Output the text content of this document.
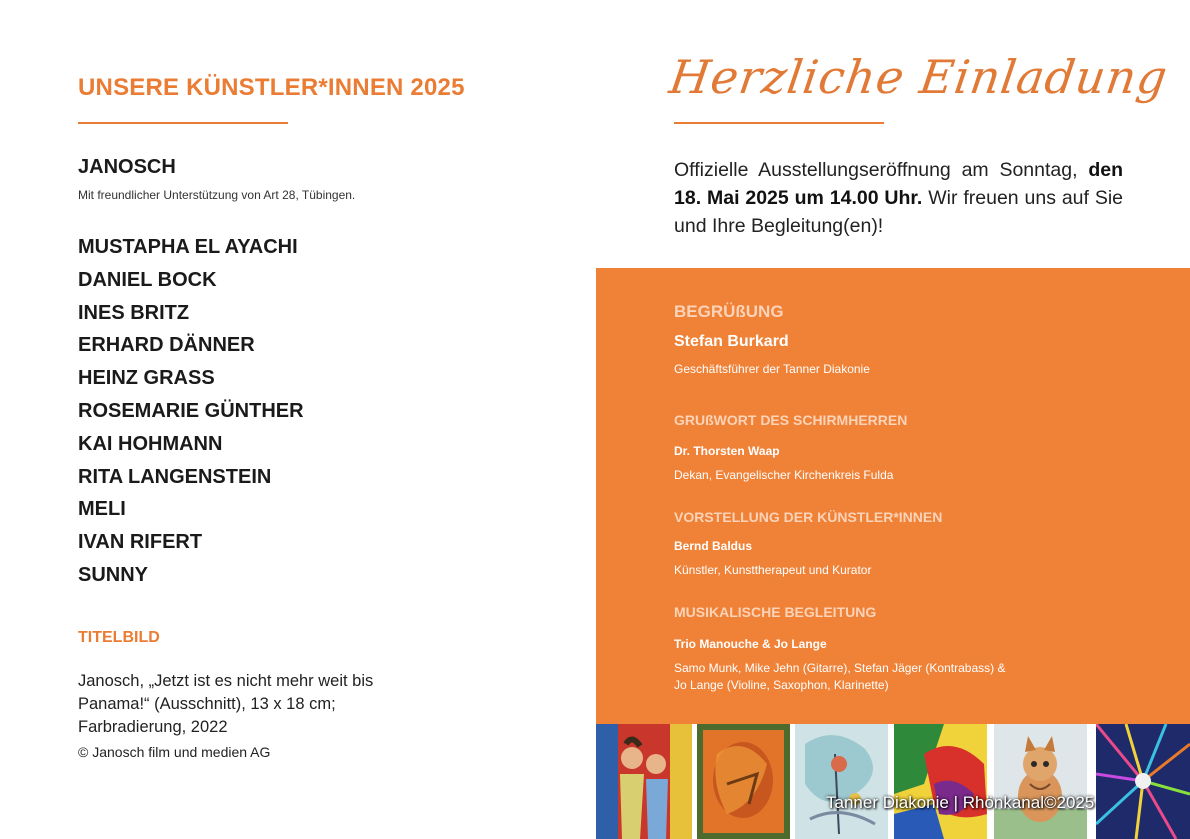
UNSERE KÜNSTLER*INNEN 2025
JANOSCH
Mit freundlicher Unterstützung von Art 28, Tübingen.
MUSTAPHA EL AYACHI
DANIEL BOCK
INES BRITZ
ERHARD DÄNNER
HEINZ GRASS
ROSEMARIE GÜNTHER
KAI HOHMANN
RITA LANGENSTEIN
MELI
IVAN RIFERT
SUNNY
TITELBILD
Janosch, „Jetzt ist es nicht mehr weit bis Panama!“ (Ausschnitt), 13 x 18 cm; Farbradierung, 2022
© Janosch film und medien AG
Herzliche Einladung
Offizielle Ausstellungseröffnung am Sonntag, den 18. Mai 2025 um 14.00 Uhr. Wir freuen uns auf Sie und Ihre Begleitung(en)!
BEGRÜßUNG
Stefan Burkard
Geschäftsführer der Tanner Diakonie
GRUßWORT DES SCHIRMHERREN
Dr. Thorsten Waap
Dekan, Evangelischer Kirchenkreis Fulda
VORSTELLUNG DER KÜNSTLER*INNEN
Bernd Baldus
Künstler, Kunsttherapeut und Kurator
MUSIKALISCHE BEGLEITUNG
Trio Manouche & Jo Lange
Samo Munk, Mike Jehn (Gitarre), Stefan Jäger (Kontrabass) &
Jo Lange (Violine, Saxophon, Klarinette)
Tanner Diakonie | Rhönkanal©2025
